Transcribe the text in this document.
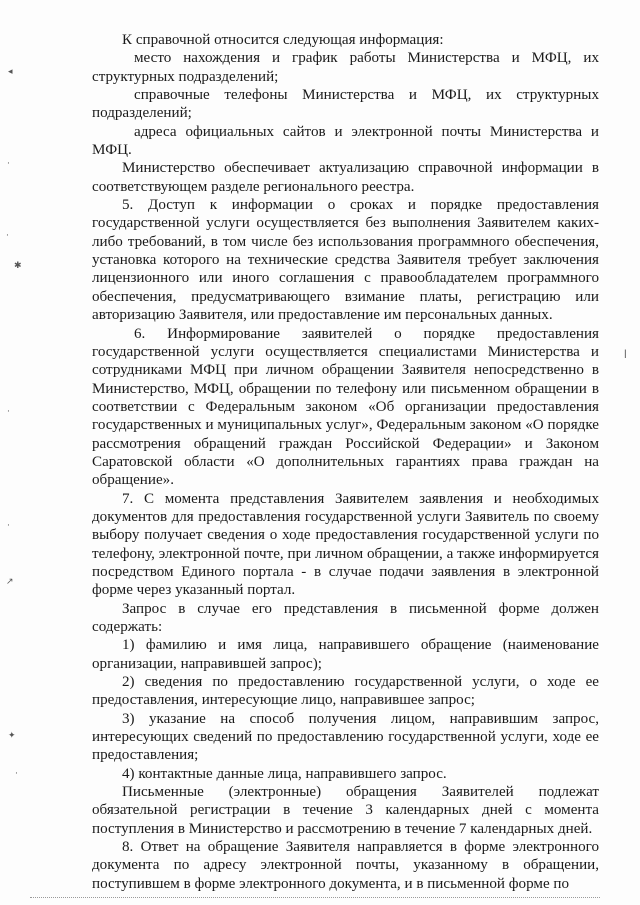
К справочной относится следующая информация:

место нахождения и график работы Министерства и МФЦ, их структурных подразделений;

справочные телефоны Министерства и МФЦ, их структурных подразделений;

адреса официальных сайтов и электронной почты Министерства и МФЦ.

Министерство обеспечивает актуализацию справочной информации в соответствующем разделе регионального реестра.

5. Доступ к информации о сроках и порядке предоставления государственной услуги осуществляется без выполнения Заявителем каких-либо требований, в том числе без использования программного обеспечения, установка которого на технические средства Заявителя требует заключения лицензионного или иного соглашения с правообладателем программного обеспечения, предусматривающего взимание платы, регистрацию или авторизацию Заявителя, или предоставление им персональных данных.

6. Информирование заявителей о порядке предоставления государственной услуги осуществляется специалистами Министерства и сотрудниками МФЦ при личном обращении Заявителя непосредственно в Министерство, МФЦ, обращении по телефону или письменном обращении в соответствии с Федеральным законом «Об организации предоставления государственных и муниципальных услуг», Федеральным законом «О порядке рассмотрения обращений граждан Российской Федерации» и Законом Саратовской области «О дополнительных гарантиях права граждан на обращение».

7. С момента представления Заявителем заявления и необходимых документов для предоставления государственной услуги Заявитель по своему выбору получает сведения о ходе предоставления государственной услуги по телефону, электронной почте, при личном обращении, а также информируется посредством Единого портала - в случае подачи заявления в электронной форме через указанный портал.

Запрос в случае его представления в письменной форме должен содержать:

1) фамилию и имя лица, направившего обращение (наименование организации, направившей запрос);

2) сведения по предоставлению государственной услуги, о ходе ее предоставления, интересующие лицо, направившее запрос;

3) указание на способ получения лицом, направившим запрос, интересующих сведений по предоставлению государственной услуги, ходе ее предоставления;

4) контактные данные лица, направившего запрос.

Письменные (электронные) обращения Заявителей подлежат обязательной регистрации в течение 3 календарных дней с момента поступления в Министерство и рассмотрению в течение 7 календарных дней.

8. Ответ на обращение Заявителя направляется в форме электронного документа по адресу электронной почты, указанному в обращении, поступившем в форме электронного документа, и в письменной форме по

◂
·
·
✱
·
·
↗
✦
·
ǀ
